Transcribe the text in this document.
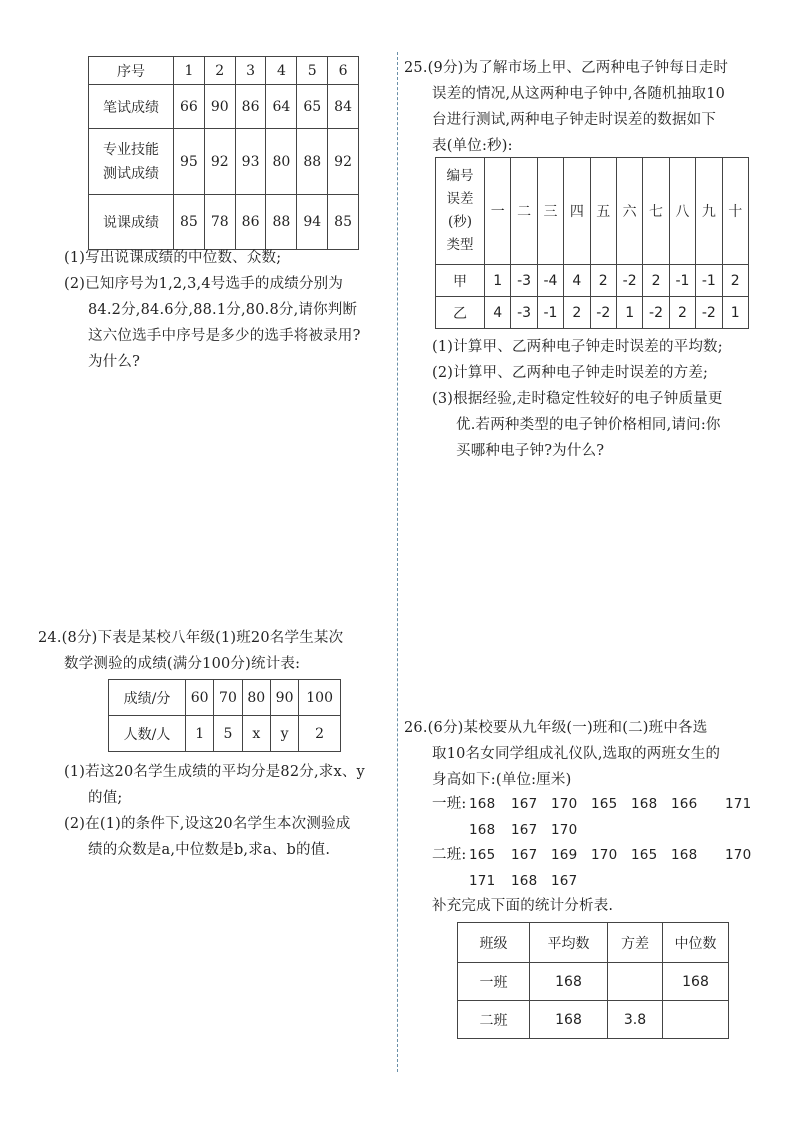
序号	1	2	3	4	5	6
笔试成绩	66	90	86	64	65	84

专业技能
测试成绩	95	92	93	80	88	92
说课成绩	85	78	86	88	94	85
(1)写出说课成绩的中位数、众数;
(2)已知序号为1,2,3,4号选手的成绩分别为
84.2分,84.6分,88.1分,80.8分,请你判断
这六位选手中序号是多少的选手将被录用?
为什么?
24.(8分)下表是某校八年级(1)班20名学生某次
数学测验的成绩(满分100分)统计表:
成绩/分	60	70	80	90	100
人数/人	1	5	x	y	2
(1)若这20名学生成绩的平均分是82分,求x、y
的值;
(2)在(1)的条件下,设这20名学生本次测验成
绩的众数是a,中位数是b,求a、b的值.
25.(9分)为了解市场上甲、乙两种电子钟每日走时
误差的情况,从这两种电子钟中,各随机抽取10
台进行测试,两种电子钟走时误差的数据如下
表(单位:秒):
编号
误差
(秒)
类型	一	二	三	四	五	六	七	八	九	十
甲	1	-3	-4	4	2	-2	2	-1	-1	2
乙	4	-3	-1	2	-2	1	-2	2	-2	1
(1)计算甲、乙两种电子钟走时误差的平均数;
(2)计算甲、乙两种电子钟走时误差的方差;
(3)根据经验,走时稳定性较好的电子钟质量更
优.若两种类型的电子钟价格相同,请问:你
买哪种电子钟?为什么?
26.(6分)某校要从九年级(一)班和(二)班中各选
取10名女同学组成礼仪队,选取的两班女生的
身高如下:(单位:厘米)
一班: 168 167 170 165 168 166 171
168 167 170
二班: 165 167 169 170 165 168 170
171 168 167
补充完成下面的统计分析表.
班级	平均数	方差	中位数
一班	168		168
二班	168	3.8	
